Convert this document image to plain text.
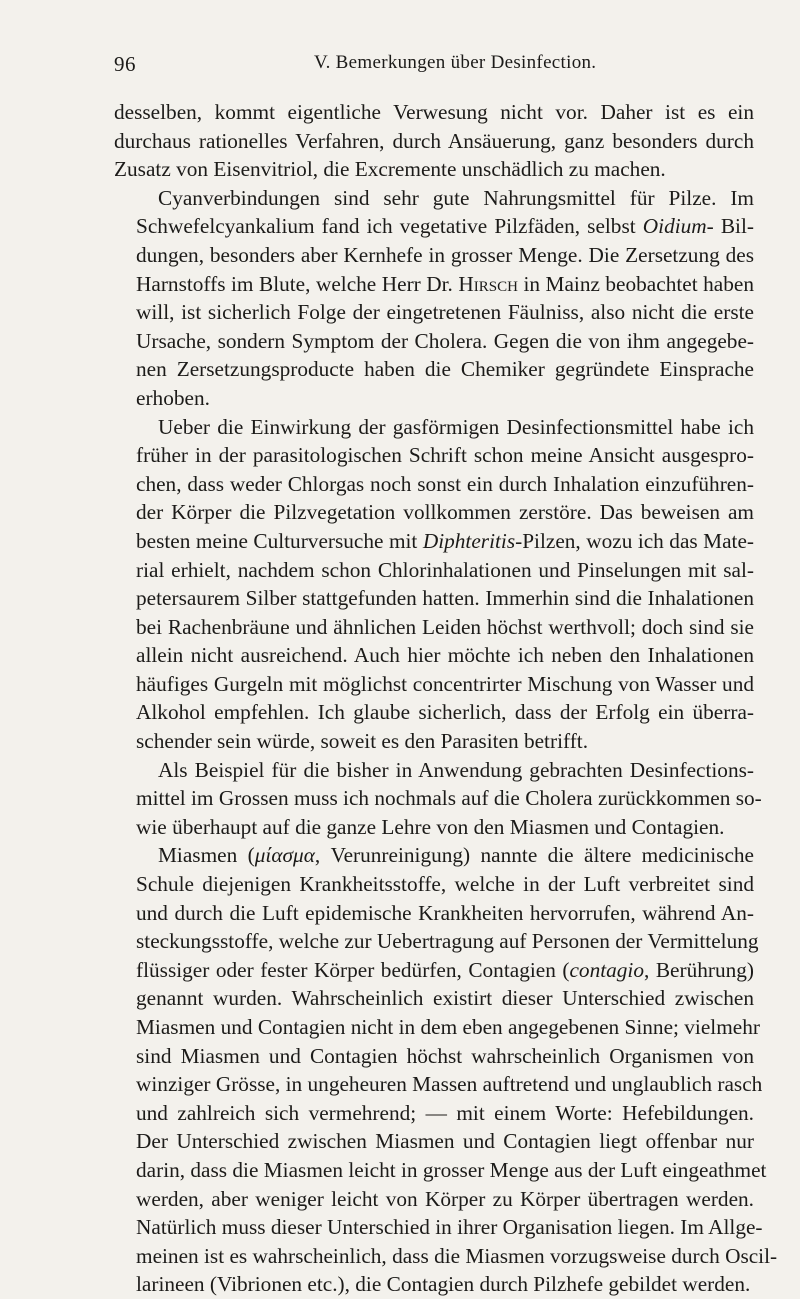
96	V. Bemerkungen über Desinfection.

desselben, kommt eigentliche Verwesung nicht vor. Daher ist es ein
durchaus rationelles Verfahren, durch Ansäuerung, ganz besonders durch
Zusatz von Eisenvitriol, die Excremente unschädlich zu machen.

Cyanverbindungen sind sehr gute Nahrungsmittel für Pilze. Im
Schwefelcyankalium fand ich vegetative Pilzfäden, selbst Oidium- Bil-
dungen, besonders aber Kernhefe in grosser Menge. Die Zersetzung des
Harnstoffs im Blute, welche Herr Dr. Hirsch in Mainz beobachtet haben
will, ist sicherlich Folge der eingetretenen Fäulniss, also nicht die erste
Ursache, sondern Symptom der Cholera. Gegen die von ihm angegebe-
nen Zersetzungsproducte haben die Chemiker gegründete Einsprache
erhoben.

Ueber die Einwirkung der gasförmigen Desinfectionsmittel habe ich
früher in der parasitologischen Schrift schon meine Ansicht ausgespro-
chen, dass weder Chlorgas noch sonst ein durch Inhalation einzuführen-
der Körper die Pilzvegetation vollkommen zerstöre. Das beweisen am
besten meine Culturversuche mit Diphteritis-Pilzen, wozu ich das Mate-
rial erhielt, nachdem schon Chlorinhalationen und Pinselungen mit sal-
petersaurem Silber stattgefunden hatten. Immerhin sind die Inhalationen
bei Rachenbräune und ähnlichen Leiden höchst werthvoll; doch sind sie
allein nicht ausreichend. Auch hier möchte ich neben den Inhalationen
häufiges Gurgeln mit möglichst concentrirter Mischung von Wasser und
Alkohol empfehlen. Ich glaube sicherlich, dass der Erfolg ein überra-
schender sein würde, soweit es den Parasiten betrifft.

Als Beispiel für die bisher in Anwendung gebrachten Desinfections-
mittel im Grossen muss ich nochmals auf die Cholera zurückkommen so-
wie überhaupt auf die ganze Lehre von den Miasmen und Contagien.

Miasmen (μίασμα, Verunreinigung) nannte die ältere medicinische
Schule diejenigen Krankheitsstoffe, welche in der Luft verbreitet sind
und durch die Luft epidemische Krankheiten hervorrufen, während An-
steckungsstoffe, welche zur Uebertragung auf Personen der Vermittelung
flüssiger oder fester Körper bedürfen, Contagien (contagio, Berührung)
genannt wurden. Wahrscheinlich existirt dieser Unterschied zwischen
Miasmen und Contagien nicht in dem eben angegebenen Sinne; vielmehr
sind Miasmen und Contagien höchst wahrscheinlich Organismen von
winziger Grösse, in ungeheuren Massen auftretend und unglaublich rasch
und zahlreich sich vermehrend; — mit einem Worte: Hefebildungen.
Der Unterschied zwischen Miasmen und Contagien liegt offenbar nur
darin, dass die Miasmen leicht in grosser Menge aus der Luft eingeathmet
werden, aber weniger leicht von Körper zu Körper übertragen werden.
Natürlich muss dieser Unterschied in ihrer Organisation liegen. Im Allge-
meinen ist es wahrscheinlich, dass die Miasmen vorzugsweise durch Oscil-
larineen (Vibrionen etc.), die Contagien durch Pilzhefe gebildet werden.
